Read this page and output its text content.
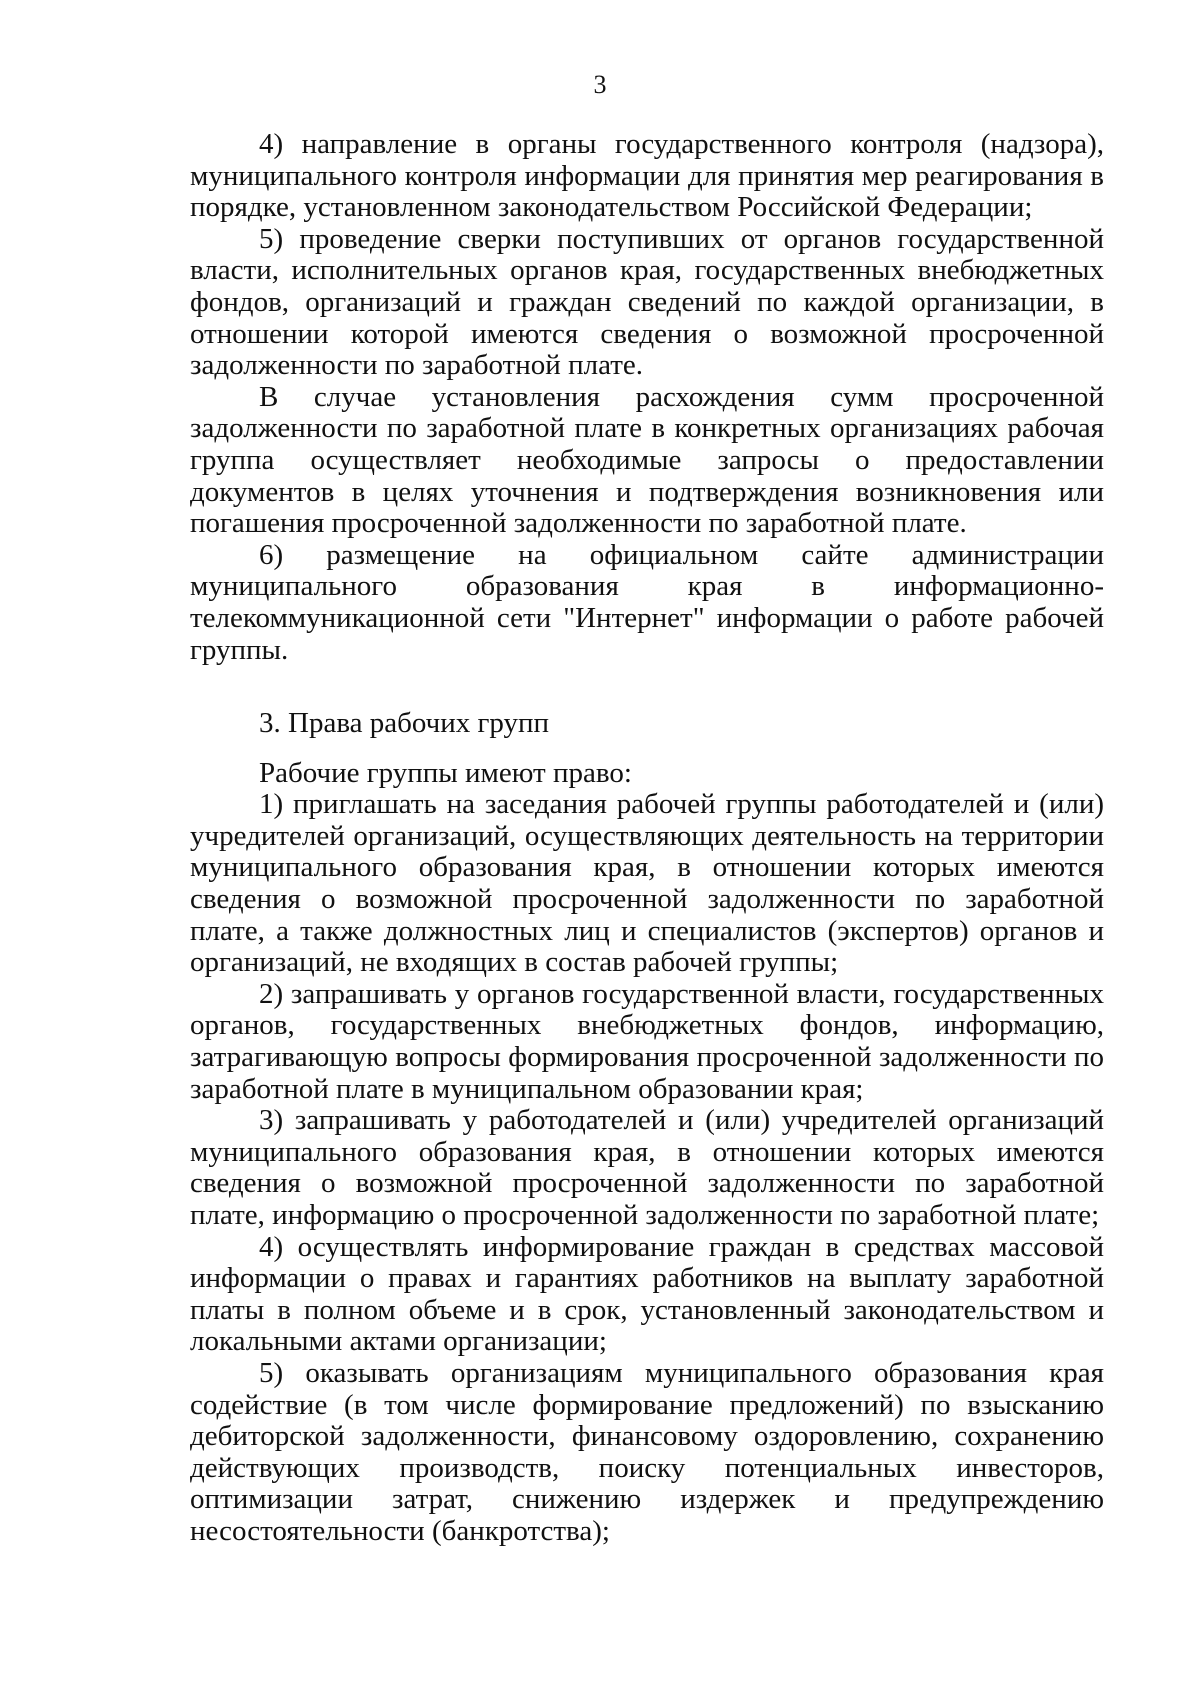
3

4) направление в органы государственного контроля (надзора), муниципального контроля информации для принятия мер реагирования в порядке, установленном законодательством Российской Федерации;

5) проведение сверки поступивших от органов государственной власти, исполнительных органов края, государственных внебюджетных фондов, организаций и граждан сведений по каждой организации, в отношении которой имеются сведения о возможной просроченной задолженности по заработной плате.

В случае установления расхождения сумм просроченной задолженности по заработной плате в конкретных организациях рабочая группа осуществляет необходимые запросы о предоставлении документов в целях уточнения и подтверждения возникновения или погашения просроченной задолженности по заработной плате.

6) размещение на официальном сайте администрации муниципального образования края в информационно-телекоммуникационной сети "Интернет" информации о работе рабочей группы.

3. Права рабочих групп

Рабочие группы имеют право:

1) приглашать на заседания рабочей группы работодателей и (или) учредителей организаций, осуществляющих деятельность на территории муниципального образования края, в отношении которых имеются сведения о возможной просроченной задолженности по заработной плате, а также должностных лиц и специалистов (экспертов) органов и организаций, не входящих в состав рабочей группы;

2) запрашивать у органов государственной власти, государственных органов, государственных внебюджетных фондов, информацию, затрагивающую вопросы формирования просроченной задолженности по заработной плате в муниципальном образовании края;

3) запрашивать у работодателей и (или) учредителей организаций муниципального образования края, в отношении которых имеются сведения о возможной просроченной задолженности по заработной плате, информацию о просроченной задолженности по заработной плате;

4) осуществлять информирование граждан в средствах массовой информации о правах и гарантиях работников на выплату заработной платы в полном объеме и в срок, установленный законодательством и локальными актами организации;

5) оказывать организациям муниципального образования края содействие (в том числе формирование предложений) по взысканию дебиторской задолженности, финансовому оздоровлению, сохранению действующих производств, поиску потенциальных инвесторов, оптимизации затрат, снижению издержек и предупреждению несостоятельности (банкротства);
